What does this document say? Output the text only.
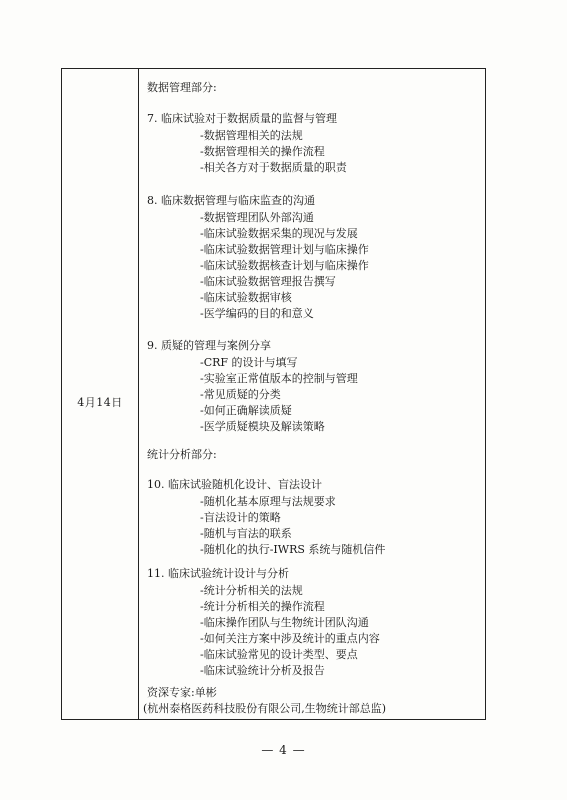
4月14日
数据管理部分:
7. 临床试验对于数据质量的监督与管理
-数据管理相关的法规
-数据管理相关的操作流程
-相关各方对于数据质量的职责
8. 临床数据管理与临床监查的沟通
-数据管理团队外部沟通
-临床试验数据采集的现况与发展
-临床试验数据管理计划与临床操作
-临床试验数据核查计划与临床操作
-临床试验数据管理报告撰写
-临床试验数据审核
-医学编码的目的和意义
9. 质疑的管理与案例分享
-CRF 的设计与填写
-实验室正常值版本的控制与管理
-常见质疑的分类
-如何正确解读质疑
-医学质疑模块及解读策略
统计分析部分:
10. 临床试验随机化设计、盲法设计
-随机化基本原理与法规要求
-盲法设计的策略
-随机与盲法的联系
-随机化的执行-IWRS 系统与随机信件
11. 临床试验统计设计与分析
-统计分析相关的法规
-统计分析相关的操作流程
-临床操作团队与生物统计团队沟通
-如何关注方案中涉及统计的重点内容
-临床试验常见的设计类型、要点
-临床试验统计分析及报告
资深专家:单彬
(杭州泰格医药科技股份有限公司,生物统计部总监)
— 4 —
